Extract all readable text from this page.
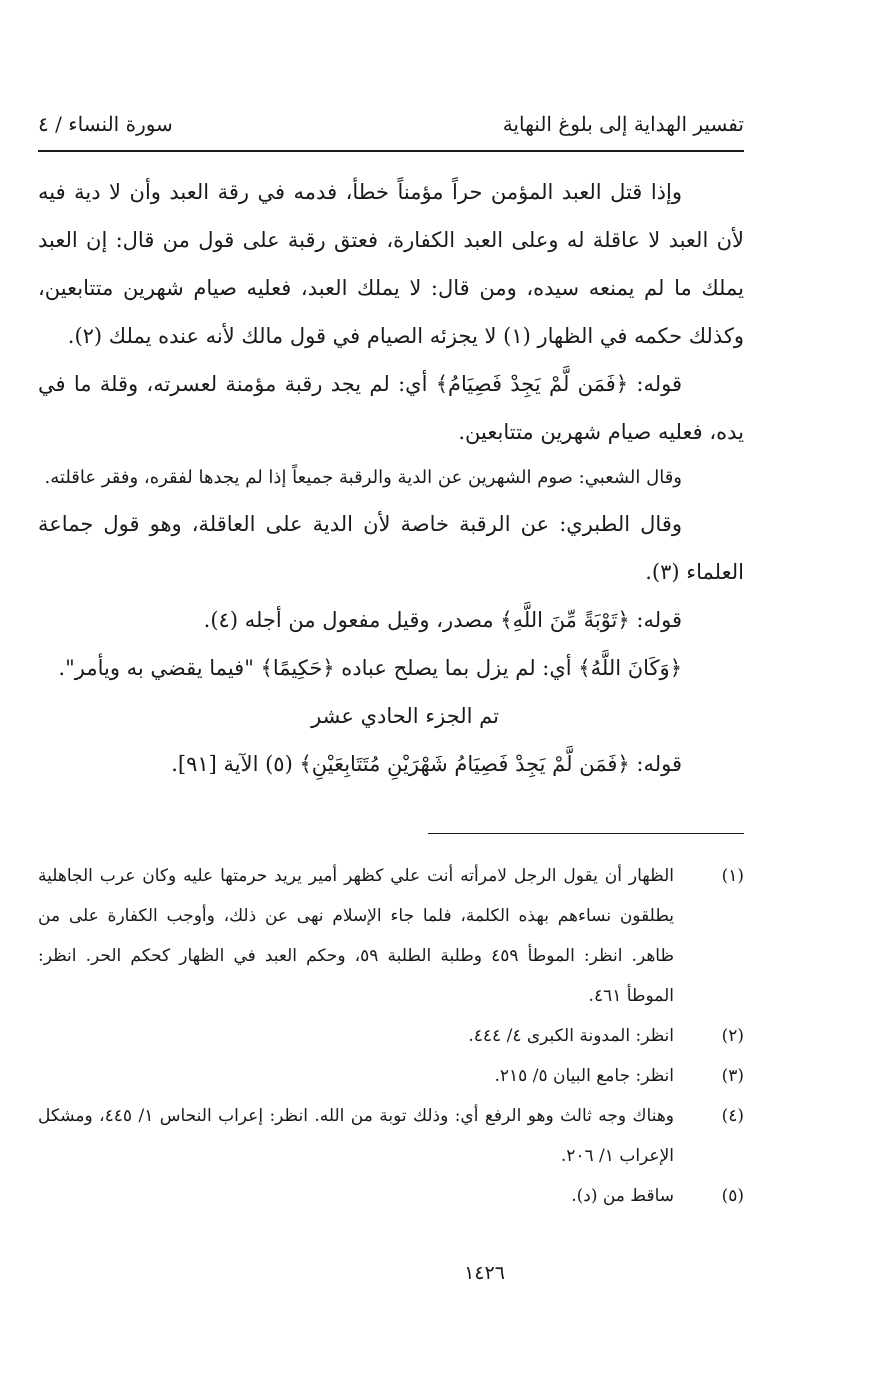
تفسير الهداية إلى بلوغ النهاية
سورة النساء / ٤

وإذا قتل العبد المؤمن حراً مؤمناً خطأ، فدمه في رقة العبد وأن لا دية فيه لأن العبد لا عاقلة له وعلى العبد الكفارة، فعتق رقبة على قول من قال: إن العبد يملك ما لم يمنعه سيده، ومن قال: لا يملك العبد، فعليه صيام شهرين متتابعين، وكذلك حكمه في الظهار (١) لا يجزئه الصيام في قول مالك لأنه عنده يملك (٢).

قوله: ﴿فَمَن لَّمْ يَجِدْ فَصِيَامُ﴾ أي: لم يجد رقبة مؤمنة لعسرته، وقلة ما في يده، فعليه صيام شهرين متتابعين.

وقال الشعبي: صوم الشهرين عن الدية والرقبة جميعاً إذا لم يجدها لفقره، وفقر عاقلته.

وقال الطبري: عن الرقبة خاصة لأن الدية على العاقلة، وهو قول جماعة العلماء (٣).

قوله: ﴿تَوْبَةً مِّنَ اللَّهِ﴾ مصدر، وقيل مفعول من أجله (٤).

﴿وَكَانَ اللَّهُ﴾ أي: لم يزل بما يصلح عباده ﴿حَكِيمًا﴾ "فيما يقضي به ويأمر".

تم الجزء الحادي عشر

قوله: ﴿فَمَن لَّمْ يَجِدْ فَصِيَامُ شَهْرَيْنِ مُتَتَابِعَيْنِ﴾ (٥) الآية [٩١].

(١)
الظهار أن يقول الرجل لامرأته أنت علي كظهر أمير يريد حرمتها عليه وكان عرب الجاهلية يطلقون نساءهم بهذه الكلمة، فلما جاء الإسلام نهى عن ذلك، وأوجب الكفارة على من ظاهر. انظر: الموطأ ٤٥٩ وطلبة الطلبة ٥٩، وحكم العبد في الظهار كحكم الحر. انظر: الموطأ ٤٦١.
(٢)
انظر: المدونة الكبرى ٤/ ٤٤٤.
(٣)
انظر: جامع البيان ٥/ ٢١٥.
(٤)
وهناك وجه ثالث وهو الرفع أي: وذلك توبة من الله. انظر: إعراب النحاس ١/ ٤٤٥، ومشكل الإعراب ١/ ٢٠٦.
(٥)
ساقط من (د).
١٤٢٦
